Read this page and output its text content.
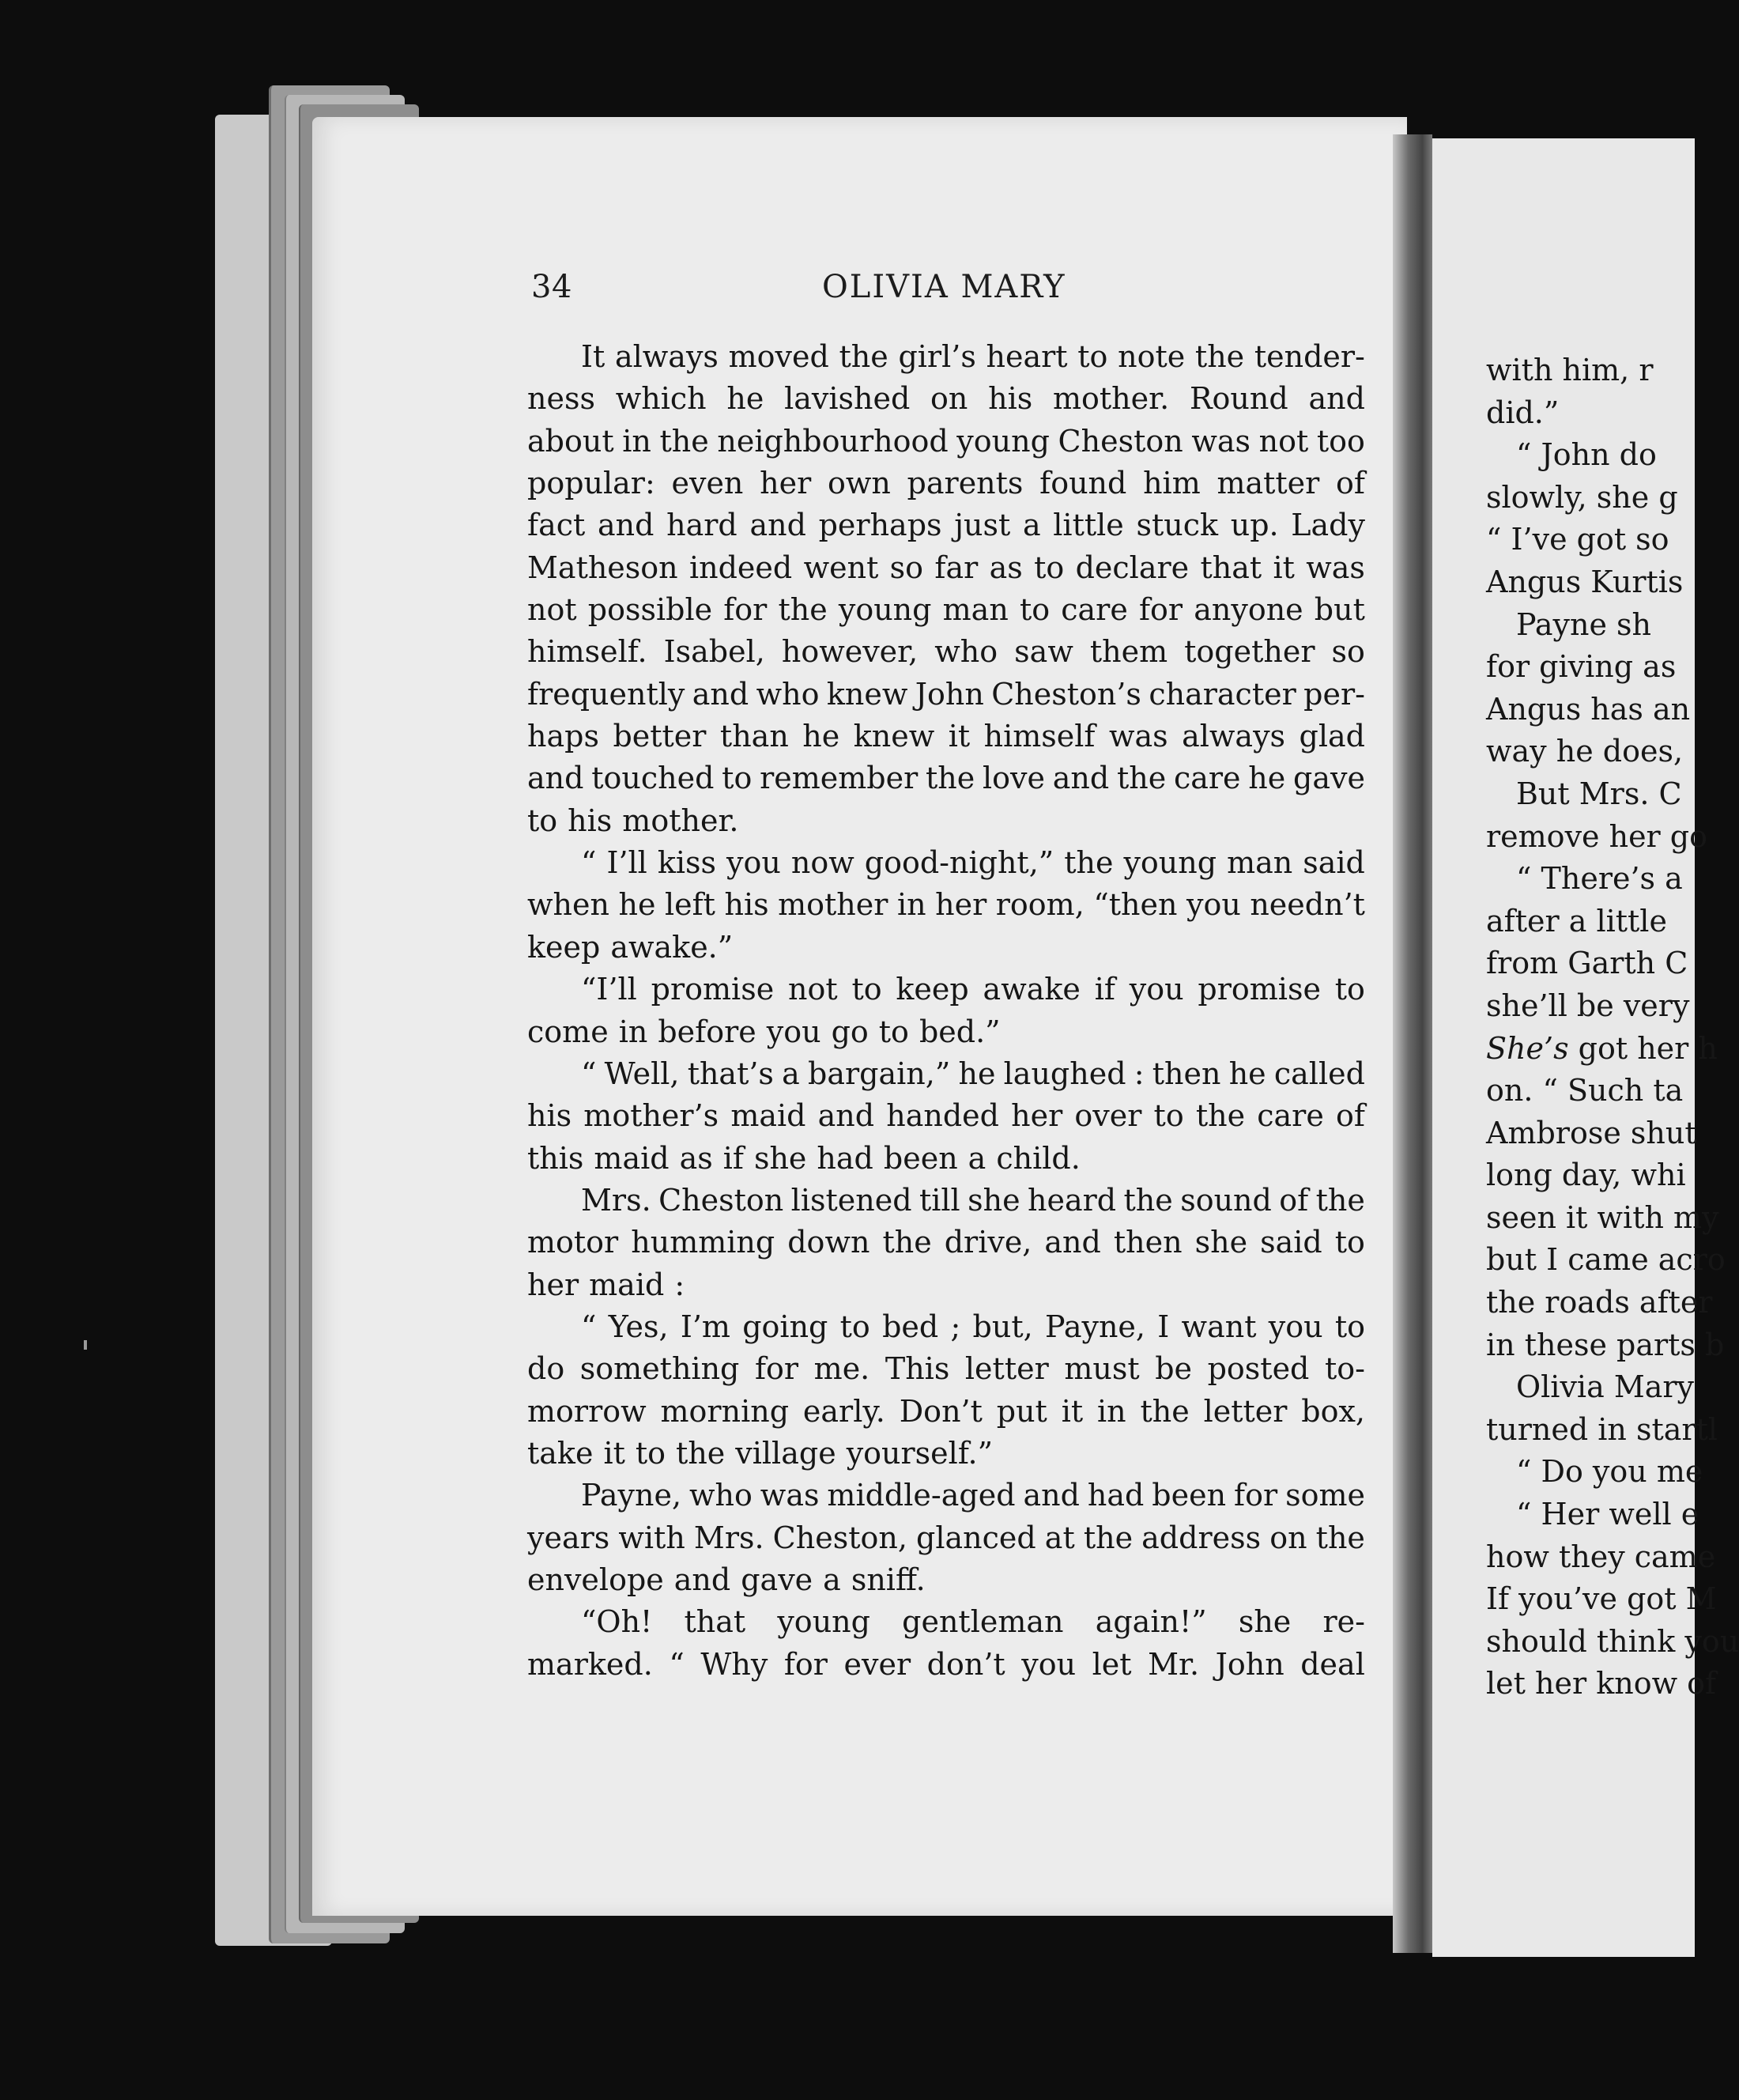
34	OLIVIA MARY
It always moved the girl’s heart to note the tender-
ness which he lavished on his mother. Round and
about in the neighbourhood young Cheston was not too
popular: even her own parents found him matter of
fact and hard and perhaps just a little stuck up. Lady
Matheson indeed went so far as to declare that it was
not possible for the young man to care for anyone but
himself. Isabel, however, who saw them together so
frequently and who knew John Cheston’s character per-
haps better than he knew it himself was always glad
and touched to remember the love and the care he gave
to his mother.
“ I’ll kiss you now good-night,” the young man said
when he left his mother in her room, “then you needn’t
keep awake.”
“I’ll promise not to keep awake if you promise to
come in before you go to bed.”
“ Well, that’s a bargain,” he laughed : then he called
his mother’s maid and handed her over to the care of
this maid as if she had been a child.
Mrs. Cheston listened till she heard the sound of the
motor humming down the drive, and then she said to
her maid :
“ Yes, I’m going to bed ; but, Payne, I want you to
do something for me. This letter must be posted to-
morrow morning early. Don’t put it in the letter box,
take it to the village yourself.”
Payne, who was middle-aged and had been for some
years with Mrs. Cheston, glanced at the address on the
envelope and gave a sniff.
“Oh! that young gentleman again!” she re-
marked. “ Why for ever don’t you let Mr. John deal
with him, r
did.”
“ John do
slowly, she g
“ I’ve got so
Angus Kurtis
Payne sh
for giving as
Angus has an
way he does,
But Mrs. C
remove her go
“ There’s a
after a little
from Garth C
she’ll be very
She’s got her h
on. “ Such ta
Ambrose shut
long day, whi
seen it with my
but I came acro
the roads after
in these parts b
Olivia Mary
turned in startl
“ Do you me
“ Her well e
how they came
If you’ve got M
should think you
let her know of
